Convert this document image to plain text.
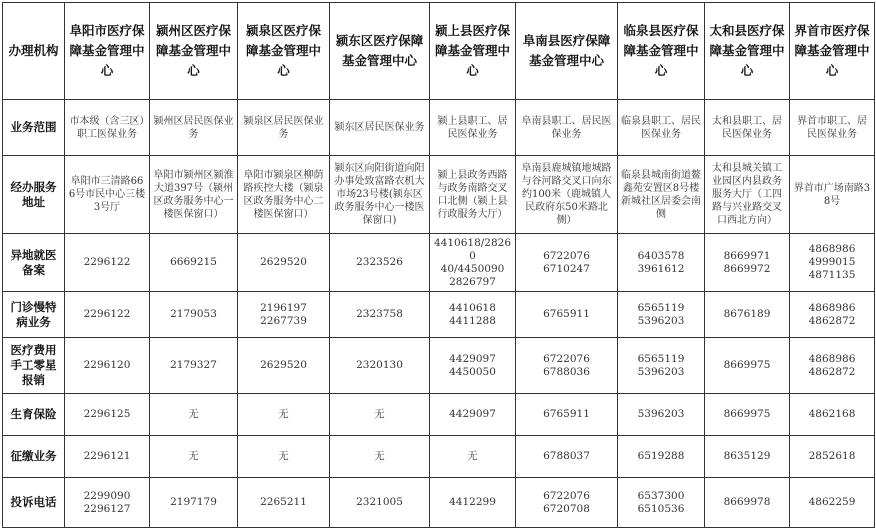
办理机构	阜阳市医疗保障基金管理中心	颍州区医疗保障基金管理中心	颍泉区医疗保障基金管理中心	颍东区医疗保障基金管理中心	颍上县医疗保障基金管理中心	阜南县医疗保障基金管理中心	临泉县医疗保障基金管理中心	太和县医疗保障基金管理中心	界首市医疗保障基金管理中心
业务范围	市本级（含三区）职工医保业务	颍州区居民医保业务	颍泉区居民医保业务	颍东区居民医保业务	颍上县职工、居民医保业务	阜南县职工、居民医保业务	临泉县职工、居民医保业务	太和县职工、居民医保业务	界首市职工、居民医保业务

经办服务地址	阜阳市三清路666号市民中心三楼3号厅	阜阳市颍州区颍淮大道397号（颍州区政务服务中心一楼医保窗口）	阜阳市颍泉区柳荫路疾控大楼（颍泉区政务服务中心二楼医保窗口）	颍东区向阳街道向阳办事处致富路农机大市场23号楼(颍东区政务服务中心一楼医保窗口)	颍上县政务西路与政务南路交叉口北侧（颍上县行政服务大厅）	阜南县鹿城镇地城路与谷河路交叉口向东约100米（鹿城镇人民政府东50米路北侧）	临泉县城南街道鳌鑫苑安置区8号楼新城社区居委会南侧	太和县城关镇工业园区内县政务服务大厅（工四路与兴业路交叉口西北方向）	界首市广场南路38号

异地就医备案	2296122	6669215	2629520	2323526	4410618/28260
40/4450090
2826797	6722076
6710247	6403578
3961612	8669971
8669972	4868986
4999015
4871135

门诊慢特病业务	2296122	2179053	2196197
2267739	2323758	4410618
4411288	6765911	6565119
5396203	8676189	4868986
4862872

医疗费用手工零星报销	2296120	2179327	2629520	2320130	4429097
4450050	6722076
6788036	6565119
5396203	8669975	4868986
4862872

生育保险	2296125	无	无	无	4429097	6765911	5396203	8669975	4862168

征缴业务	2296121	无	无	无	无	6788037	6519288	8635129	2852618

投诉电话	2299090
2296127	2197179	2265211	2321005	4412299	6722076
6720708	6537300
6510536	8669978	4862259
